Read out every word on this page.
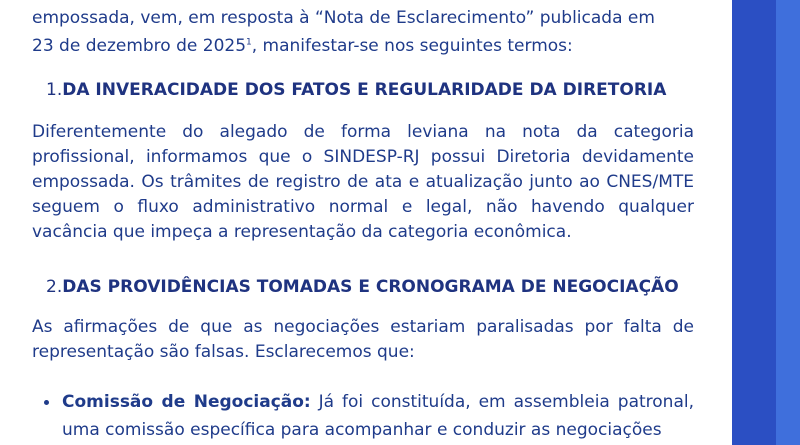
empossada, vem, em resposta à “Nota de Esclarecimento” publicada em

23 de dezembro de 2025$^1$, manifestar-se nos seguintes termos:

1.DA INVERACIDADE DOS FATOS E REGULARIDADE DA DIRETORIA

Diferentemente do alegado de forma leviana na nota da categoria profissional, informamos que o SINDESP-RJ possui Diretoria devidamente empossada. Os trâmites de registro de ata e atualização junto ao CNES/MTE seguem o fluxo administrativo normal e legal, não havendo qualquer vacância que impeça a representação da categoria econômica.

2.DAS PROVIDÊNCIAS TOMADAS E CRONOGRAMA DE NEGOCIAÇÃO

As afirmações de que as negociações estariam paralisadas por falta de representação são falsas. Esclarecemos que:

Comissão de Negociação: Já foi constituída, em assembleia patronal, uma comissão específica para acompanhar e conduzir as negociações
